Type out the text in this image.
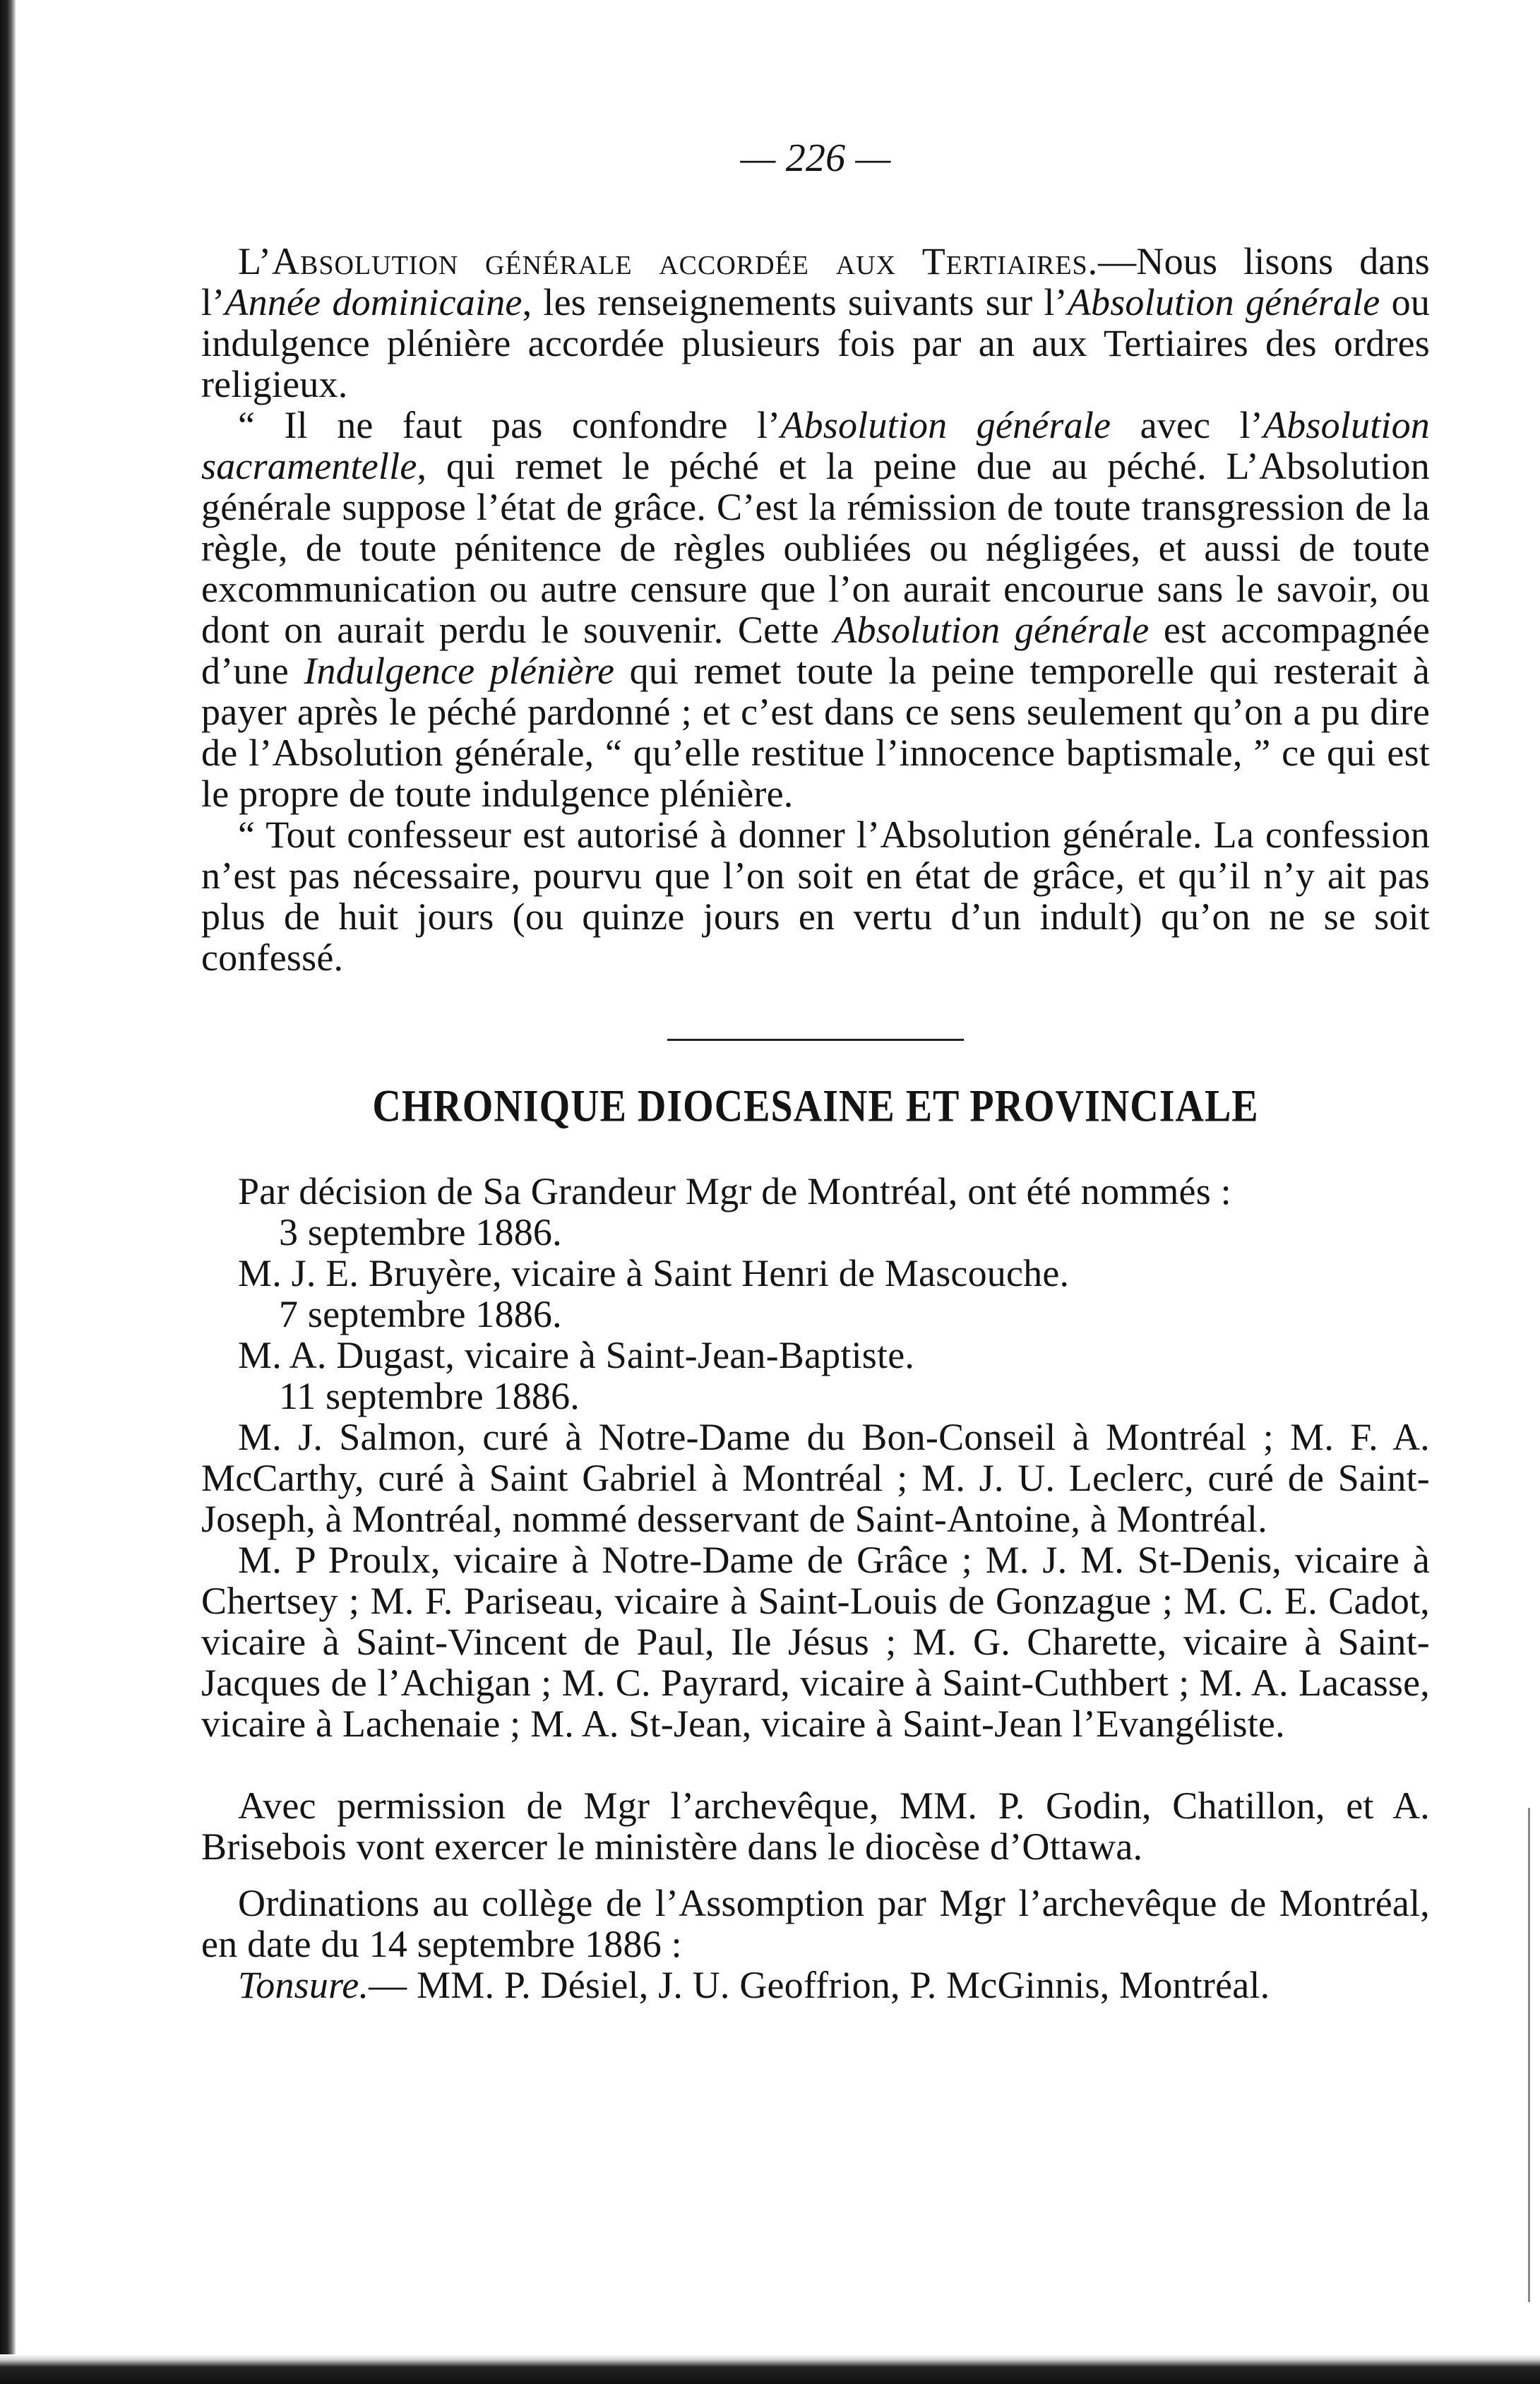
— 226 —

L’Absolution générale accordée aux Tertiaires.—Nous lisons dans l’Année dominicaine, les renseignements suivants sur l’Absolution générale ou indulgence plénière accordée plusieurs fois par an aux Tertiaires des ordres religieux.

“ Il ne faut pas confondre l’Absolution générale avec l’Absolution sacramentelle, qui remet le péché et la peine due au péché. L’Absolution générale suppose l’état de grâce. C’est la rémission de toute transgression de la règle, de toute pénitence de règles oubliées ou négligées, et aussi de toute excommunication ou autre censure que l’on aurait encourue sans le savoir, ou dont on aurait perdu le souvenir. Cette Absolution générale est accompagnée d’une Indulgence plénière qui remet toute la peine temporelle qui resterait à payer après le péché pardonné ; et c’est dans ce sens seulement qu’on a pu dire de l’Absolution générale, “ qu’elle restitue l’innocence baptismale, ” ce qui est le propre de toute indulgence plénière.

“ Tout confesseur est autorisé à donner l’Absolution générale. La confession n’est pas nécessaire, pourvu que l’on soit en état de grâce, et qu’il n’y ait pas plus de huit jours (ou quinze jours en vertu d’un indult) qu’on ne se soit confessé.

CHRONIQUE DIOCESAINE ET PROVINCIALE

Par décision de Sa Grandeur Mgr de Montréal, ont été nommés :

3 septembre 1886.

M. J. E. Bruyère, vicaire à Saint Henri de Mascouche.

7 septembre 1886.

M. A. Dugast, vicaire à Saint-Jean-Baptiste.

11 septembre 1886.

M. J. Salmon, curé à Notre-Dame du Bon-Conseil à Montréal ; M. F. A. McCarthy, curé à Saint Gabriel à Montréal ; M. J. U. Leclerc, curé de Saint-Joseph, à Montréal, nommé desservant de Saint-Antoine, à Montréal.

M. P Proulx, vicaire à Notre-Dame de Grâce ; M. J. M. St-Denis, vicaire à Chertsey ; M. F. Pariseau, vicaire à Saint-Louis de Gonzague ; M. C. E. Cadot, vicaire à Saint-Vincent de Paul, Ile Jésus ; M. G. Charette, vicaire à Saint-Jacques de l’Achigan ; M. C. Payrard, vicaire à Saint-Cuthbert ; M. A. Lacasse, vicaire à Lachenaie ; M. A. St-Jean, vicaire à Saint-Jean l’Evangéliste.

Avec permission de Mgr l’archevêque, MM. P. Godin, Chatillon, et A. Brisebois vont exercer le ministère dans le diocèse d’Ottawa.

Ordinations au collège de l’Assomption par Mgr l’archevêque de Montréal, en date du 14 septembre 1886 :

Tonsure.— MM. P. Désiel, J. U. Geoffrion, P. McGinnis, Montréal.
